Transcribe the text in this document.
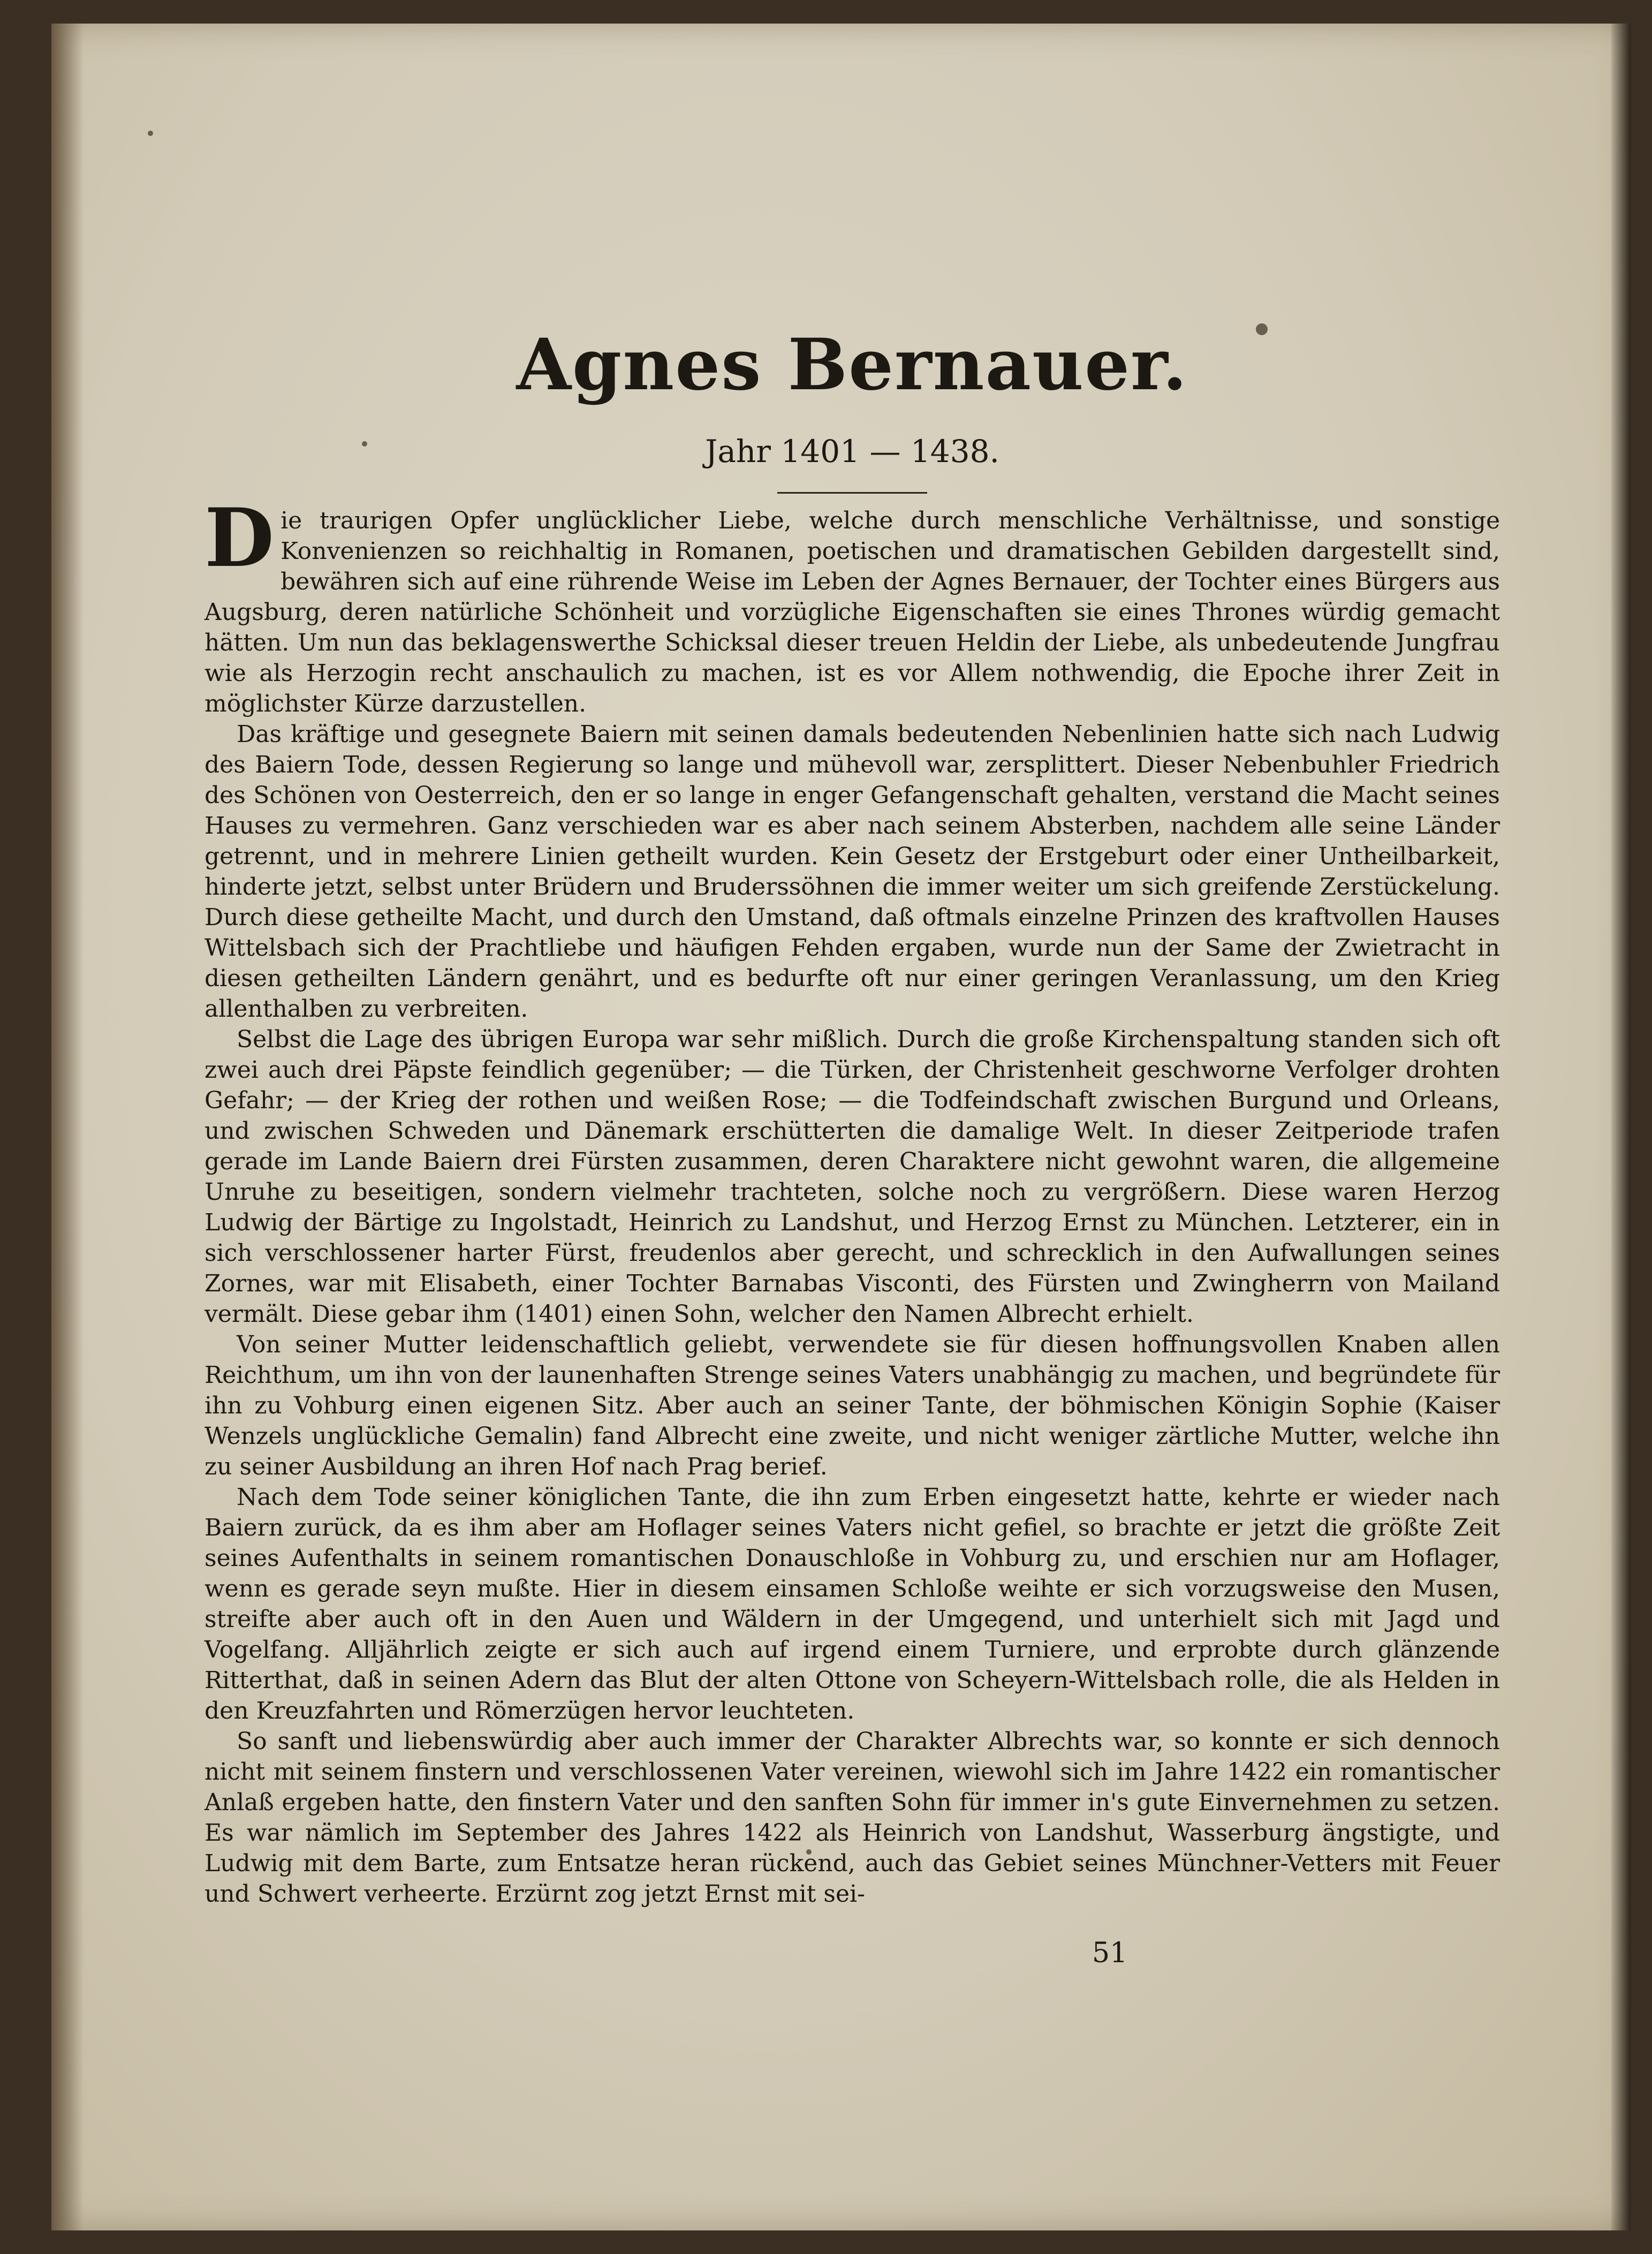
Agnes Bernauer.

Jahr 1401 — 1438.

Die traurigen Opfer unglücklicher Liebe, welche durch menschliche Verhältnisse, und sonstige Konvenienzen so reichhaltig in Romanen, poetischen und dramatischen Gebilden dargestellt sind, bewähren sich auf eine rührende Weise im Leben der Agnes Bernauer, der Tochter eines Bürgers aus Augsburg, deren natürliche Schönheit und vorzügliche Eigenschaften sie eines Thrones würdig gemacht hätten. Um nun das beklagenswerthe Schicksal dieser treuen Heldin der Liebe, als unbedeutende Jungfrau wie als Herzogin recht anschaulich zu machen, ist es vor Allem nothwendig, die Epoche ihrer Zeit in möglichster Kürze darzustellen.

Das kräftige und gesegnete Baiern mit seinen damals bedeutenden Nebenlinien hatte sich nach Ludwig des Baiern Tode, dessen Regierung so lange und mühevoll war, zersplittert. Dieser Nebenbuhler Friedrich des Schönen von Oesterreich, den er so lange in enger Gefangenschaft gehalten, verstand die Macht seines Hauses zu vermehren. Ganz verschieden war es aber nach seinem Absterben, nachdem alle seine Länder getrennt, und in mehrere Linien getheilt wurden. Kein Gesetz der Erstgeburt oder einer Untheilbarkeit, hinderte jetzt, selbst unter Brüdern und Bruderssöhnen die immer weiter um sich greifende Zerstückelung. Durch diese getheilte Macht, und durch den Umstand, daß oftmals einzelne Prinzen des kraftvollen Hauses Wittelsbach sich der Prachtliebe und häufigen Fehden ergaben, wurde nun der Same der Zwietracht in diesen getheilten Ländern genährt, und es bedurfte oft nur einer geringen Veranlassung, um den Krieg allenthalben zu verbreiten.

Selbst die Lage des übrigen Europa war sehr mißlich. Durch die große Kirchenspaltung standen sich oft zwei auch drei Päpste feindlich gegenüber; — die Türken, der Christenheit geschworne Verfolger drohten Gefahr; — der Krieg der rothen und weißen Rose; — die Todfeindschaft zwischen Burgund und Orleans, und zwischen Schweden und Dänemark erschütterten die damalige Welt. In dieser Zeitperiode trafen gerade im Lande Baiern drei Fürsten zusammen, deren Charaktere nicht gewohnt waren, die allgemeine Unruhe zu beseitigen, sondern vielmehr trachteten, solche noch zu vergrößern. Diese waren Herzog Ludwig der Bärtige zu Ingolstadt, Heinrich zu Landshut, und Herzog Ernst zu München. Letzterer, ein in sich verschlossener harter Fürst, freudenlos aber gerecht, und schrecklich in den Aufwallungen seines Zornes, war mit Elisabeth, einer Tochter Barnabas Visconti, des Fürsten und Zwingherrn von Mailand vermält. Diese gebar ihm (1401) einen Sohn, welcher den Namen Albrecht erhielt.

Von seiner Mutter leidenschaftlich geliebt, verwendete sie für diesen hoffnungsvollen Knaben allen Reichthum, um ihn von der launenhaften Strenge seines Vaters unabhängig zu machen, und begründete für ihn zu Vohburg einen eigenen Sitz. Aber auch an seiner Tante, der böhmischen Königin Sophie (Kaiser Wenzels unglückliche Gemalin) fand Albrecht eine zweite, und nicht weniger zärtliche Mutter, welche ihn zu seiner Ausbildung an ihren Hof nach Prag berief.

Nach dem Tode seiner königlichen Tante, die ihn zum Erben eingesetzt hatte, kehrte er wieder nach Baiern zurück, da es ihm aber am Hoflager seines Vaters nicht gefiel, so brachte er jetzt die größte Zeit seines Aufenthalts in seinem romantischen Donauschloße in Vohburg zu, und erschien nur am Hoflager, wenn es gerade seyn mußte. Hier in diesem einsamen Schloße weihte er sich vorzugsweise den Musen, streifte aber auch oft in den Auen und Wäldern in der Umgegend, und unterhielt sich mit Jagd und Vogelfang. Alljährlich zeigte er sich auch auf irgend einem Turniere, und erprobte durch glänzende Ritterthat, daß in seinen Adern das Blut der alten Ottone von Scheyern-Wittelsbach rolle, die als Helden in den Kreuzfahrten und Römerzügen hervor leuchteten.

So sanft und liebenswürdig aber auch immer der Charakter Albrechts war, so konnte er sich dennoch nicht mit seinem finstern und verschlossenen Vater vereinen, wiewohl sich im Jahre 1422 ein romantischer Anlaß ergeben hatte, den finstern Vater und den sanften Sohn für immer in's gute Einvernehmen zu setzen. Es war nämlich im September des Jahres 1422 als Heinrich von Landshut, Wasserburg ängstigte, und Ludwig mit dem Barte, zum Entsatze heran rückend, auch das Gebiet seines Münchner-Vetters mit Feuer und Schwert verheerte. Erzürnt zog jetzt Ernst mit sei-

51
